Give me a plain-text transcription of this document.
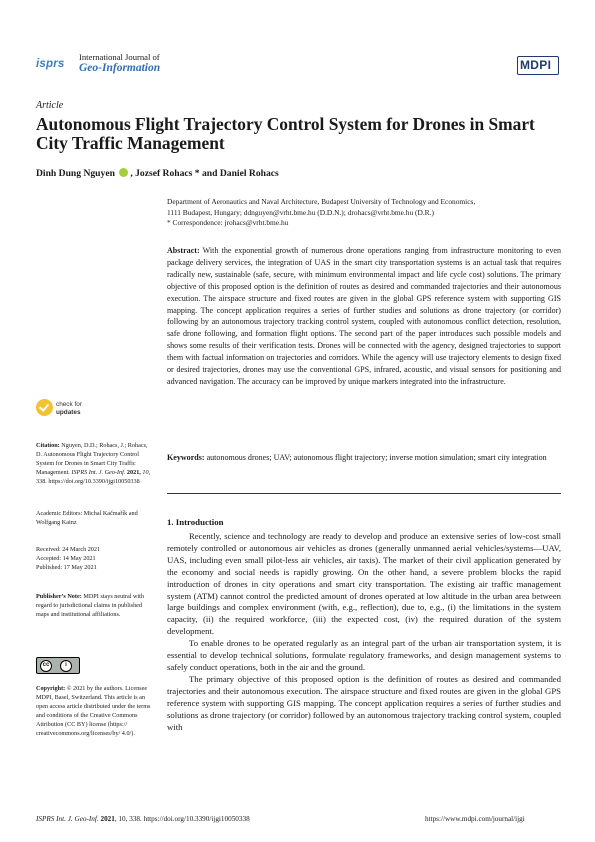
isprs
International Journal of
Geo-Information	MDPI
Article
Autonomous Flight Trajectory Control System for Drones in Smart City Traffic Management
Dinh Dung Nguyen , Jozsef Rohacs * and Daniel Rohacs
Department of Aeronautics and Naval Architecture, Budapest University of Technology and Economics,
1111 Budapest, Hungary; ddnguyen@vrht.bme.hu (D.D.N.); drohacs@vrht.bme.hu (D.R.)
* Correspondence: jrohacs@vrht.bme.hu
Abstract: With the exponential growth of numerous drone operations ranging from infrastructure monitoring to even package delivery services, the integration of UAS in the smart city transportation systems is an actual task that requires radically new, sustainable (safe, secure, with minimum environmental impact and life cycle cost) solutions. The primary objective of this proposed option is the definition of routes as desired and commanded trajectories and their autonomous execution. The airspace structure and fixed routes are given in the global GPS reference system with supporting GIS mapping. The concept application requires a series of further studies and solutions as drone trajectory (or corridor) following by an autonomous trajectory tracking control system, coupled with autonomous conflict detection, resolution, safe drone following, and formation flight options. The second part of the paper introduces such possible models and shows some results of their verification tests. Drones will be connected with the agency, designed trajectories to support them with factual information on trajectories and corridors. While the agency will use trajectory elements to design fixed or desired trajectories, drones may use the conventional GPS, infrared, acoustic, and visual sensors for positioning and advanced navigation. The accuracy can be improved by unique markers integrated into the infrastructure.
Keywords: autonomous drones; UAV; autonomous flight trajectory; inverse motion simulation; smart city integration
check for
updates
Citation: Nguyen, D.D.; Rohacs, J.; Rohacs, D. Autonomous Flight Trajectory Control System for Drones in Smart City Traffic Management. ISPRS Int. J. Geo-Inf. 2021, 10, 338. https://doi.org/10.3390/ijgi10050338
Academic Editors: Michal Kačmařík and Wolfgang Kainz
Received: 24 March 2021
Accepted: 14 May 2021
Published: 17 May 2021
Publisher’s Note: MDPI stays neutral with regard to jurisdictional claims in published maps and institutional affiliations.
cc	i
Copyright: © 2021 by the authors. Licensee MDPI, Basel, Switzerland. This article is an open access article distributed under the terms and conditions of the Creative Commons Attribution (CC BY) license (https:// creativecommons.org/licenses/by/ 4.0/).
1. Introduction

Recently, science and technology are ready to develop and produce an extensive series of low-cost small remotely controlled or autonomous air vehicles as drones (generally unmanned aerial vehicles/systems—UAV, UAS, including even small pilot-less air vehicles, air taxis). The market of their civil application generated by the economy and social needs is rapidly growing. On the other hand, a severe problem blocks the rapid introduction of drones in city operations and smart city transportation. The existing air traffic management system (ATM) cannot control the predicted amount of drones operated at low altitude in the urban area between large buildings and complex environment (with, e.g., reflection), due to, e.g., (i) the limitations in the system capacity, (ii) the required workforce, (iii) the expected cost, (iv) the required duration of the system development.

To enable drones to be operated regularly as an integral part of the urban air transportation system, it is essential to develop technical solutions, formulate regulatory frameworks, and design management systems to safely conduct operations, both in the air and the ground.

The primary objective of this proposed option is the definition of routes as desired and commanded trajectories and their autonomous execution. The airspace structure and fixed routes are given in the global GPS reference system with supporting GIS mapping. The concept application requires a series of further studies and solutions as drone trajectory (or corridor) followed by an autonomous trajectory tracking control system, coupled with

ISPRS Int. J. Geo-Inf. 2021, 10, 338. https://doi.org/10.3390/ijgi10050338	https://www.mdpi.com/journal/ijgi
